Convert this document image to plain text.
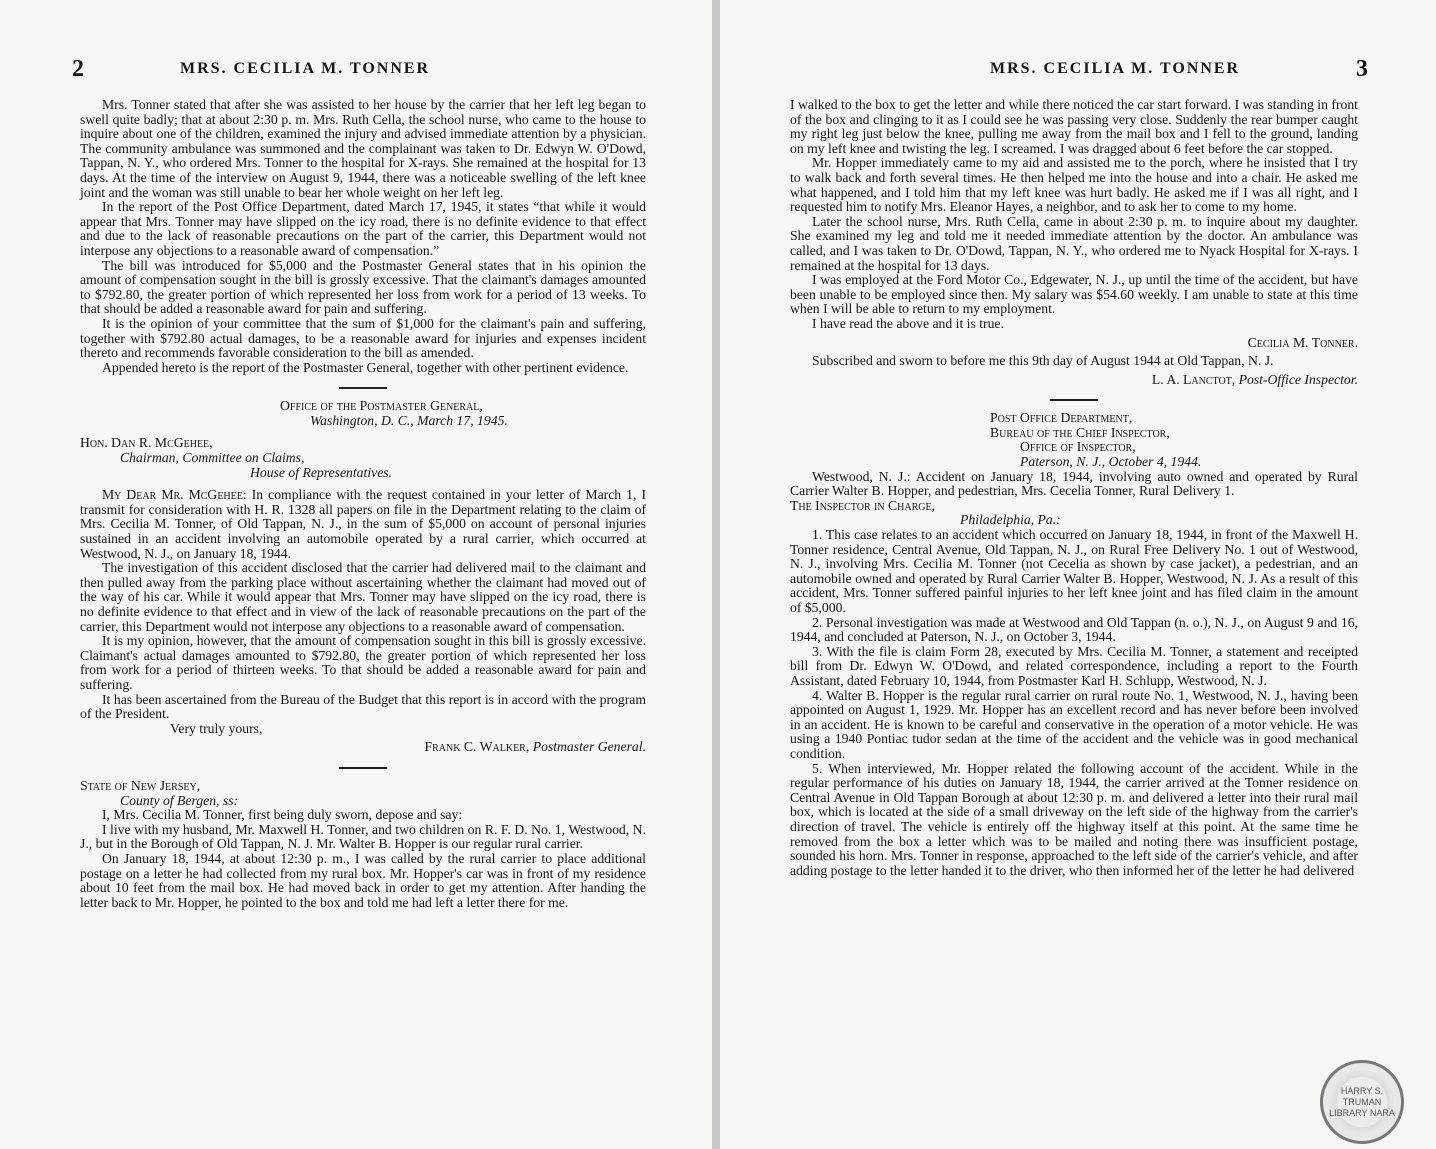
2	MRS. CECILIA M. TONNER

Mrs. Tonner stated that after she was assisted to her house by the carrier that her left leg began to swell quite badly; that at about 2:30 p. m. Mrs. Ruth Cella, the school nurse, who came to the house to inquire about one of the children, examined the injury and advised immediate attention by a physician. The community ambulance was summoned and the complainant was taken to Dr. Edwyn W. O'Dowd, Tappan, N. Y., who ordered Mrs. Tonner to the hospital for X-rays. She remained at the hospital for 13 days. At the time of the interview on August 9, 1944, there was a noticeable swelling of the left knee joint and the woman was still unable to bear her whole weight on her left leg.

In the report of the Post Office Department, dated March 17, 1945, it states “that while it would appear that Mrs. Tonner may have slipped on the icy road, there is no definite evidence to that effect and due to the lack of reasonable precautions on the part of the carrier, this Department would not interpose any objections to a reasonable award of compensation.”

The bill was introduced for $5,000 and the Postmaster General states that in his opinion the amount of compensation sought in the bill is grossly excessive. That the claimant's damages amounted to $792.80, the greater portion of which represented her loss from work for a period of 13 weeks. To that should be added a reasonable award for pain and suffering.

It is the opinion of your committee that the sum of $1,000 for the claimant's pain and suffering, together with $792.80 actual damages, to be a reasonable award for injuries and expenses incident thereto and recommends favorable consideration to the bill as amended.

Appended hereto is the report of the Postmaster General, together with other pertinent evidence.

Office of the Postmaster General,

Washington, D. C., March 17, 1945.

Hon. Dan R. McGehee,

Chairman, Committee on Claims,

House of Representatives.

My Dear Mr. McGehee: In compliance with the request contained in your letter of March 1, I transmit for consideration with H. R. 1328 all papers on file in the Department relating to the claim of Mrs. Cecilia M. Tonner, of Old Tappan, N. J., in the sum of $5,000 on account of personal injuries sustained in an accident involving an automobile operated by a rural carrier, which occurred at Westwood, N. J., on January 18, 1944.

The investigation of this accident disclosed that the carrier had delivered mail to the claimant and then pulled away from the parking place without ascertaining whether the claimant had moved out of the way of his car. While it would appear that Mrs. Tonner may have slipped on the icy road, there is no definite evidence to that effect and in view of the lack of reasonable precautions on the part of the carrier, this Department would not interpose any objections to a reasonable award of compensation.

It is my opinion, however, that the amount of compensation sought in this bill is grossly excessive. Claimant's actual damages amounted to $792.80, the greater portion of which represented her loss from work for a period of thirteen weeks. To that should be added a reasonable award for pain and suffering.

It has been ascertained from the Bureau of the Budget that this report is in accord with the program of the President.

Very truly yours,

Frank C. Walker, Postmaster General.

State of New Jersey,

County of Bergen, ss:

I, Mrs. Cecilia M. Tonner, first being duly sworn, depose and say:

I live with my husband, Mr. Maxwell H. Tonner, and two children on R. F. D. No. 1, Westwood, N. J., but in the Borough of Old Tappan, N. J. Mr. Walter B. Hopper is our regular rural carrier.

On January 18, 1944, at about 12:30 p. m., I was called by the rural carrier to place additional postage on a letter he had collected from my rural box. Mr. Hopper's car was in front of my residence about 10 feet from the mail box. He had moved back in order to get my attention. After handing the letter back to Mr. Hopper, he pointed to the box and told me had left a letter there for me.

MRS. CECILIA M. TONNER	3

I walked to the box to get the letter and while there noticed the car start forward. I was standing in front of the box and clinging to it as I could see he was passing very close. Suddenly the rear bumper caught my right leg just below the knee, pulling me away from the mail box and I fell to the ground, landing on my left knee and twisting the leg. I screamed. I was dragged about 6 feet before the car stopped.

Mr. Hopper immediately came to my aid and assisted me to the porch, where he insisted that I try to walk back and forth several times. He then helped me into the house and into a chair. He asked me what happened, and I told him that my left knee was hurt badly. He asked me if I was all right, and I requested him to notify Mrs. Eleanor Hayes, a neighbor, and to ask her to come to my home.

Later the school nurse, Mrs. Ruth Cella, came in about 2:30 p. m. to inquire about my daughter. She examined my leg and told me it needed immediate attention by the doctor. An ambulance was called, and I was taken to Dr. O'Dowd, Tappan, N. Y., who ordered me to Nyack Hospital for X-rays. I remained at the hospital for 13 days.

I was employed at the Ford Motor Co., Edgewater, N. J., up until the time of the accident, but have been unable to be employed since then. My salary was $54.60 weekly. I am unable to state at this time when I will be able to return to my employment.

I have read the above and it is true.

Cecilia M. Tonner.

Subscribed and sworn to before me this 9th day of August 1944 at Old Tappan, N. J.

L. A. Lanctot, Post-Office Inspector.

Post Office Department,

Bureau of the Chief Inspector,

Office of Inspector,

Paterson, N. J., October 4, 1944.

Westwood, N. J.: Accident on January 18, 1944, involving auto owned and operated by Rural Carrier Walter B. Hopper, and pedestrian, Mrs. Cecelia Tonner, Rural Delivery 1.

The Inspector in Charge,

Philadelphia, Pa.:

1. This case relates to an accident which occurred on January 18, 1944, in front of the Maxwell H. Tonner residence, Central Avenue, Old Tappan, N. J., on Rural Free Delivery No. 1 out of Westwood, N. J., involving Mrs. Cecilia M. Tonner (not Cecelia as shown by case jacket), a pedestrian, and an automobile owned and operated by Rural Carrier Walter B. Hopper, Westwood, N. J. As a result of this accident, Mrs. Tonner suffered painful injuries to her left knee joint and has filed claim in the amount of $5,000.

2. Personal investigation was made at Westwood and Old Tappan (n. o.), N. J., on August 9 and 16, 1944, and concluded at Paterson, N. J., on October 3, 1944.

3. With the file is claim Form 28, executed by Mrs. Cecilia M. Tonner, a statement and receipted bill from Dr. Edwyn W. O'Dowd, and related correspondence, including a report to the Fourth Assistant, dated February 10, 1944, from Postmaster Karl H. Schlupp, Westwood, N. J.

4. Walter B. Hopper is the regular rural carrier on rural route No. 1, Westwood, N. J., having been appointed on August 1, 1929. Mr. Hopper has an excellent record and has never before been involved in an accident. He is known to be careful and conservative in the operation of a motor vehicle. He was using a 1940 Pontiac tudor sedan at the time of the accident and the vehicle was in good mechanical condition.

5. When interviewed, Mr. Hopper related the following account of the accident. While in the regular performance of his duties on January 18, 1944, the carrier arrived at the Tonner residence on Central Avenue in Old Tappan Borough at about 12:30 p. m. and delivered a letter into their rural mail box, which is located at the side of a small driveway on the left side of the highway from the carrier's direction of travel. The vehicle is entirely off the highway itself at this point. At the same time he removed from the box a letter which was to be mailed and noting there was insufficient postage, sounded his horn. Mrs. Tonner in response, approached to the left side of the carrier's vehicle, and after adding postage to the letter handed it to the driver, who then informed her of the letter he had delivered

HARRY S. TRUMAN LIBRARY NARA
